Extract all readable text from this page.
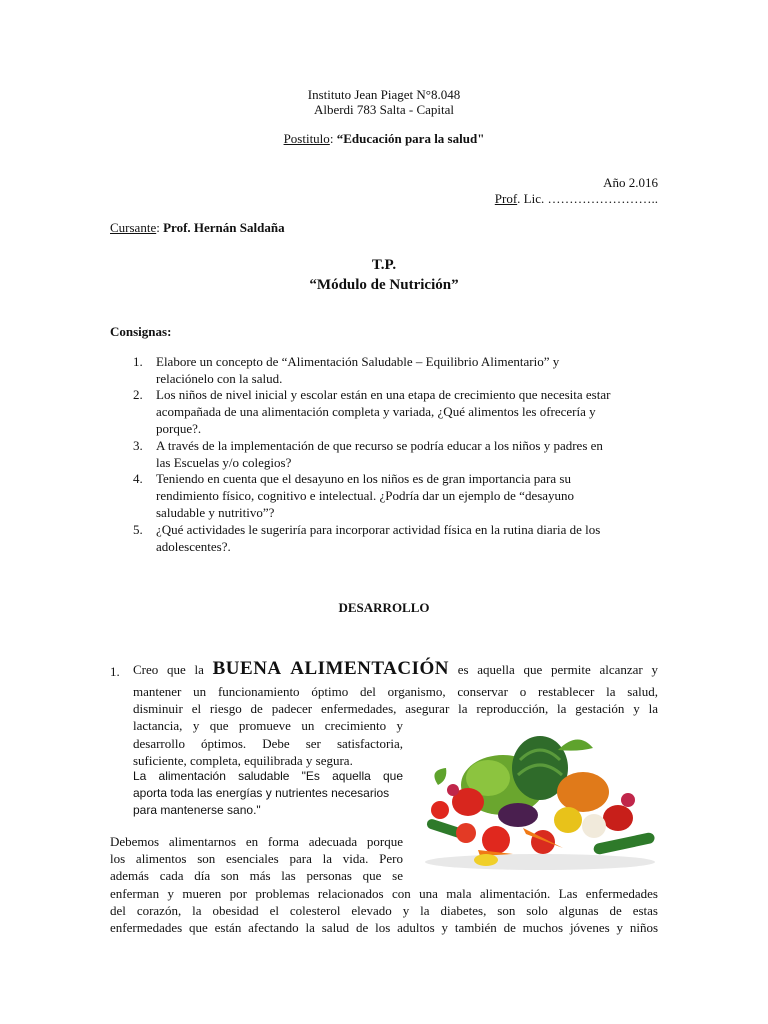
Instituto Jean Piaget N°8.048
Alberdi 783 Salta - Capital
Postitulo: “Educación para la salud"
Año 2.016
Prof. Lic. ……………………..
Cursante: Prof. Hernán Saldaña
T.P.
“Módulo de Nutrición”
Consignas:
1. Elabore un concepto de “Alimentación Saludable – Equilibrio Alimentario” y
relaciónelo con la salud.
2. Los niños de nivel inicial y escolar están en una etapa de crecimiento que necesita estar
acompañada de una alimentación completa y variada, ¿Qué alimentos les ofrecería y
porque?.
3. A través de la implementación de que recurso se podría educar a los niños y padres en
las Escuelas y/o colegios?
4. Teniendo en cuenta que el desayuno en los niños es de gran importancia para su
rendimiento físico, cognitivo e intelectual. ¿Podría dar un ejemplo de “desayuno
saludable y nutritivo”?
5. ¿Qué actividades le sugeriría para incorporar actividad física en la rutina diaria de los
adolescentes?.
DESARROLLO
1. Creo que la BUENA ALIMENTACIÓN es aquella que permite alcanzar y
mantener un funcionamiento óptimo del organismo, conservar o restablecer la salud,
disminuir el riesgo de padecer enfermedades, asegurar la reproducción, la gestación y la
lactancia, y que promueve un crecimiento y
desarrollo óptimos. Debe ser satisfactoria,
suficiente, completa, equilibrada y segura.
La alimentación saludable "Es aquella que
aporta toda las energías y nutrientes necesarios
para mantenerse sano."
Debemos alimentarnos en forma adecuada porque
los alimentos son esenciales para la vida. Pero
además cada día son más las personas que se
enferman y mueren por problemas relacionados con una mala alimentación. Las enfermedades
del corazón, la obesidad el colesterol elevado y la diabetes, son solo algunas de estas
enfermedades que están afectando la salud de los adultos y también de muchos jóvenes y niños
